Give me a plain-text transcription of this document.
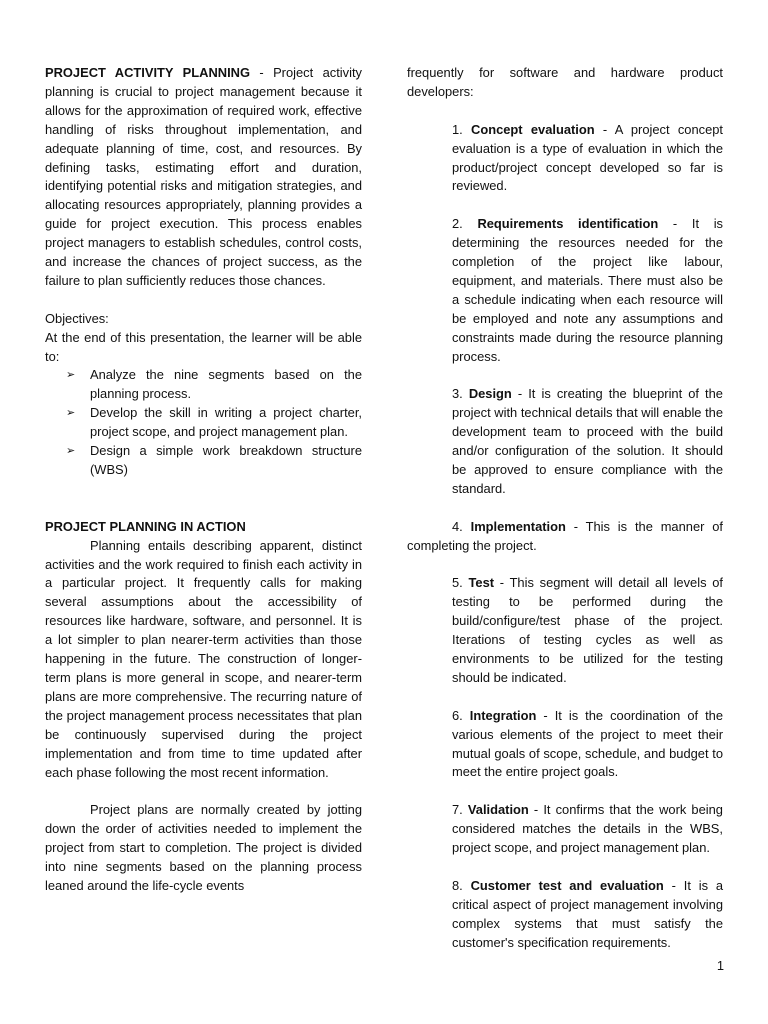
PROJECT ACTIVITY PLANNING - Project activity planning is crucial to project management because it allows for the approximation of required work, effective handling of risks throughout implementation, and adequate planning of time, cost, and resources. By defining tasks, estimating effort and duration, identifying potential risks and mitigation strategies, and allocating resources appropriately, planning provides a guide for project execution. This process enables project managers to establish schedules, control costs, and increase the chances of project success, as the failure to plan sufficiently reduces those chances.

Objectives:

At the end of this presentation, the learner will be able to:

➢	Analyze the nine segments based on the planning process.
➢	Develop the skill in writing a project charter, project scope, and project management plan.
➢	Design a simple work breakdown structure (WBS)

PROJECT PLANNING IN ACTION

Planning entails describing apparent, distinct activities and the work required to finish each activity in a particular project. It frequently calls for making several assumptions about the accessibility of resources like hardware, software, and personnel. It is a lot simpler to plan nearer-term activities than those happening in the future. The construction of longer-term plans is more general in scope, and nearer-term plans are more comprehensive. The recurring nature of the project management process necessitates that plan be continuously supervised during the project implementation and from time to time updated after each phase following the most recent information.

Project plans are normally created by jotting down the order of activities needed to implement the project from start to completion. The project is divided into nine segments based on the planning process leaned around the life-cycle events

frequently for software and hardware product developers:

1. Concept evaluation - A project concept evaluation is a type of evaluation in which the product/project concept developed so far is reviewed.

2. Requirements identification - It is determining the resources needed for the completion of the project like labour, equipment, and materials. There must also be a schedule indicating when each resource will be employed and note any assumptions and constraints made during the resource planning process.

3. Design - It is creating the blueprint of the project with technical details that will enable the development team to proceed with the build and/or configuration of the solution. It should be approved to ensure compliance with the standard.

4. Implementation - This is the manner of completing the project.

5. Test - This segment will detail all levels of testing to be performed during the build/configure/test phase of the project. Iterations of testing cycles as well as environments to be utilized for the testing should be indicated.

6. Integration - It is the coordination of the various elements of the project to meet their mutual goals of scope, schedule, and budget to meet the entire project goals.

7. Validation - It confirms that the work being considered matches the details in the WBS, project scope, and project management plan.

8. Customer test and evaluation - It is a critical aspect of project management involving complex systems that must satisfy the customer's specification requirements.

1
